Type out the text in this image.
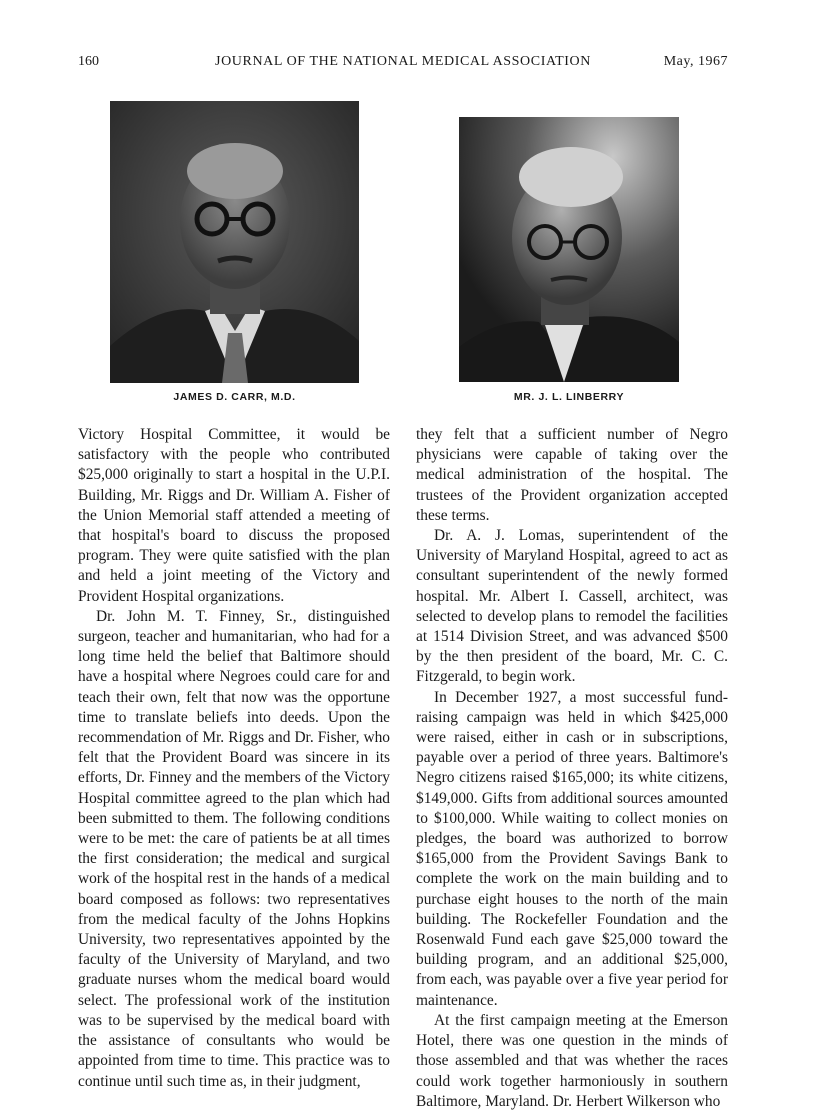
160	JOURNAL OF THE NATIONAL MEDICAL ASSOCIATION	May, 1967
JAMES D. CARR, M.D.	MR. J. L. LINBERRY

Victory Hospital Committee, it would be satisfactory with the people who contributed $25,000 originally to start a hospital in the U.P.I. Building, Mr. Riggs and Dr. William A. Fisher of the Union Memorial staff attended a meeting of that hospital's board to discuss the proposed program. They were quite satisfied with the plan and held a joint meeting of the Victory and Provident Hospital organizations.

Dr. John M. T. Finney, Sr., distinguished surgeon, teacher and humanitarian, who had for a long time held the belief that Baltimore should have a hospital where Negroes could care for and teach their own, felt that now was the opportune time to translate beliefs into deeds. Upon the recommendation of Mr. Riggs and Dr. Fisher, who felt that the Provident Board was sincere in its efforts, Dr. Finney and the members of the Victory Hospital committee agreed to the plan which had been submitted to them. The following conditions were to be met: the care of patients be at all times the first consideration; the medical and surgical work of the hospital rest in the hands of a medical board composed as follows: two representatives from the medical faculty of the Johns Hopkins University, two representatives appointed by the faculty of the University of Maryland, and two graduate nurses whom the medical board would select. The professional work of the institution was to be supervised by the medical board with the assistance of consultants who would be appointed from time to time. This practice was to continue until such time as, in their judgment,

they felt that a sufficient number of Negro physicians were capable of taking over the medical administration of the hospital. The trustees of the Provident organization accepted these terms.

Dr. A. J. Lomas, superintendent of the University of Maryland Hospital, agreed to act as consultant superintendent of the newly formed hospital. Mr. Albert I. Cassell, architect, was selected to develop plans to remodel the facilities at 1514 Division Street, and was advanced $500 by the then president of the board, Mr. C. C. Fitzgerald, to begin work.

In December 1927, a most successful fund-raising campaign was held in which $425,000 were raised, either in cash or in subscriptions, payable over a period of three years. Baltimore's Negro citizens raised $165,000; its white citizens, $149,000. Gifts from additional sources amounted to $100,000. While waiting to collect monies on pledges, the board was authorized to borrow $165,000 from the Provident Savings Bank to complete the work on the main building and to purchase eight houses to the north of the main building. The Rockefeller Foundation and the Rosenwald Fund each gave $25,000 toward the building program, and an additional $25,000, from each, was payable over a five year period for maintenance.

At the first campaign meeting at the Emerson Hotel, there was one question in the minds of those assembled and that was whether the races could work together harmoniously in southern Baltimore, Maryland. Dr. Herbert Wilkerson who
